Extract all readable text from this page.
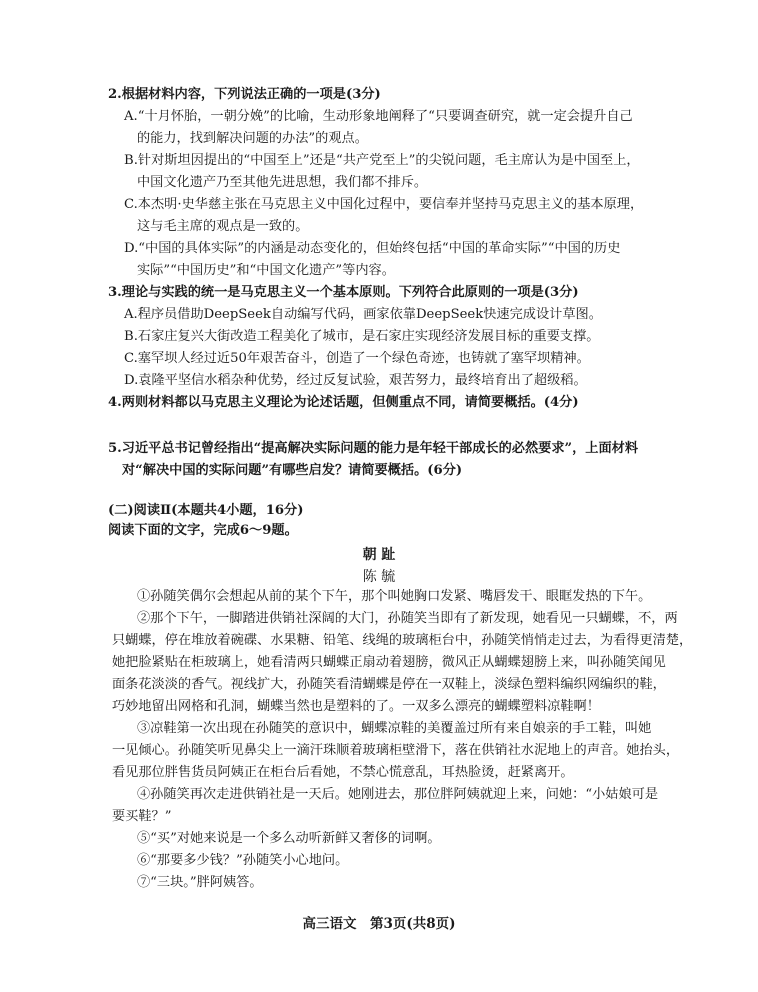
2.根据材料内容，下列说法正确的一项是(3分)
A.“十月怀胎，一朝分娩”的比喻，生动形象地阐释了“只要调查研究，就一定会提升自己
的能力，找到解决问题的办法”的观点。
B.针对斯坦因提出的“中国至上”还是“共产党至上”的尖锐问题，毛主席认为是中国至上，
中国文化遗产乃至其他先进思想，我们都不排斥。
C.本杰明·史华慈主张在马克思主义中国化过程中，要信奉并坚持马克思主义的基本原理，
这与毛主席的观点是一致的。
D.“中国的具体实际”的内涵是动态变化的，但始终包括“中国的革命实际”“中国的历史
实际”“中国历史”和“中国文化遗产”等内容。
3.理论与实践的统一是马克思主义一个基本原则。下列符合此原则的一项是(3分)
A.程序员借助DeepSeek自动编写代码，画家依靠DeepSeek快速完成设计草图。
B.石家庄复兴大街改造工程美化了城市，是石家庄实现经济发展目标的重要支撑。
C.塞罕坝人经过近50年艰苦奋斗，创造了一个绿色奇迹，也铸就了塞罕坝精神。
D.袁隆平坚信水稻杂种优势，经过反复试验，艰苦努力，最终培育出了超级稻。
4.两则材料都以马克思主义理论为论述话题，但侧重点不同，请简要概括。(4分)
5.习近平总书记曾经指出“提高解决实际问题的能力是年轻干部成长的必然要求”，上面材料
对“解决中国的实际问题”有哪些启发？请简要概括。(6分)
(二)阅读Ⅱ(本题共4小题，16分)
阅读下面的文字，完成6～9题。
朝 趾
陈 毓
①孙随笑偶尔会想起从前的某个下午，那个叫她胸口发紧、嘴唇发干、眼眶发热的下午。
②那个下午，一脚踏进供销社深阔的大门，孙随笑当即有了新发现，她看见一只蝴蝶，不，两
只蝴蝶，停在堆放着碗碟、水果糖、铅笔、线绳的玻璃柜台中，孙随笑悄悄走过去，为看得更清楚，
她把脸紧贴在柜玻璃上，她看清两只蝴蝶正扇动着翅膀，微风正从蝴蝶翅膀上来，叫孙随笑闻见
面条花淡淡的香气。视线扩大，孙随笑看清蝴蝶是停在一双鞋上，淡绿色塑料编织网编织的鞋，
巧妙地留出网格和孔洞，蝴蝶当然也是塑料的了。一双多么漂亮的蝴蝶塑料凉鞋啊！
③凉鞋第一次出现在孙随笑的意识中，蝴蝶凉鞋的美覆盖过所有来自娘亲的手工鞋，叫她
一见倾心。孙随笑听见鼻尖上一滴汗珠顺着玻璃柜壁滑下，落在供销社水泥地上的声音。她抬头，
看见那位胖售货员阿姨正在柜台后看她，不禁心慌意乱，耳热脸烫，赶紧离开。
④孙随笑再次走进供销社是一天后。她刚进去，那位胖阿姨就迎上来，问她：“小姑娘可是
要买鞋？”
⑤“买”对她来说是一个多么动听新鲜又奢侈的词啊。
⑥“那要多少钱？”孙随笑小心地问。
⑦“三块。”胖阿姨答。
高三语文　第3页(共8页)
